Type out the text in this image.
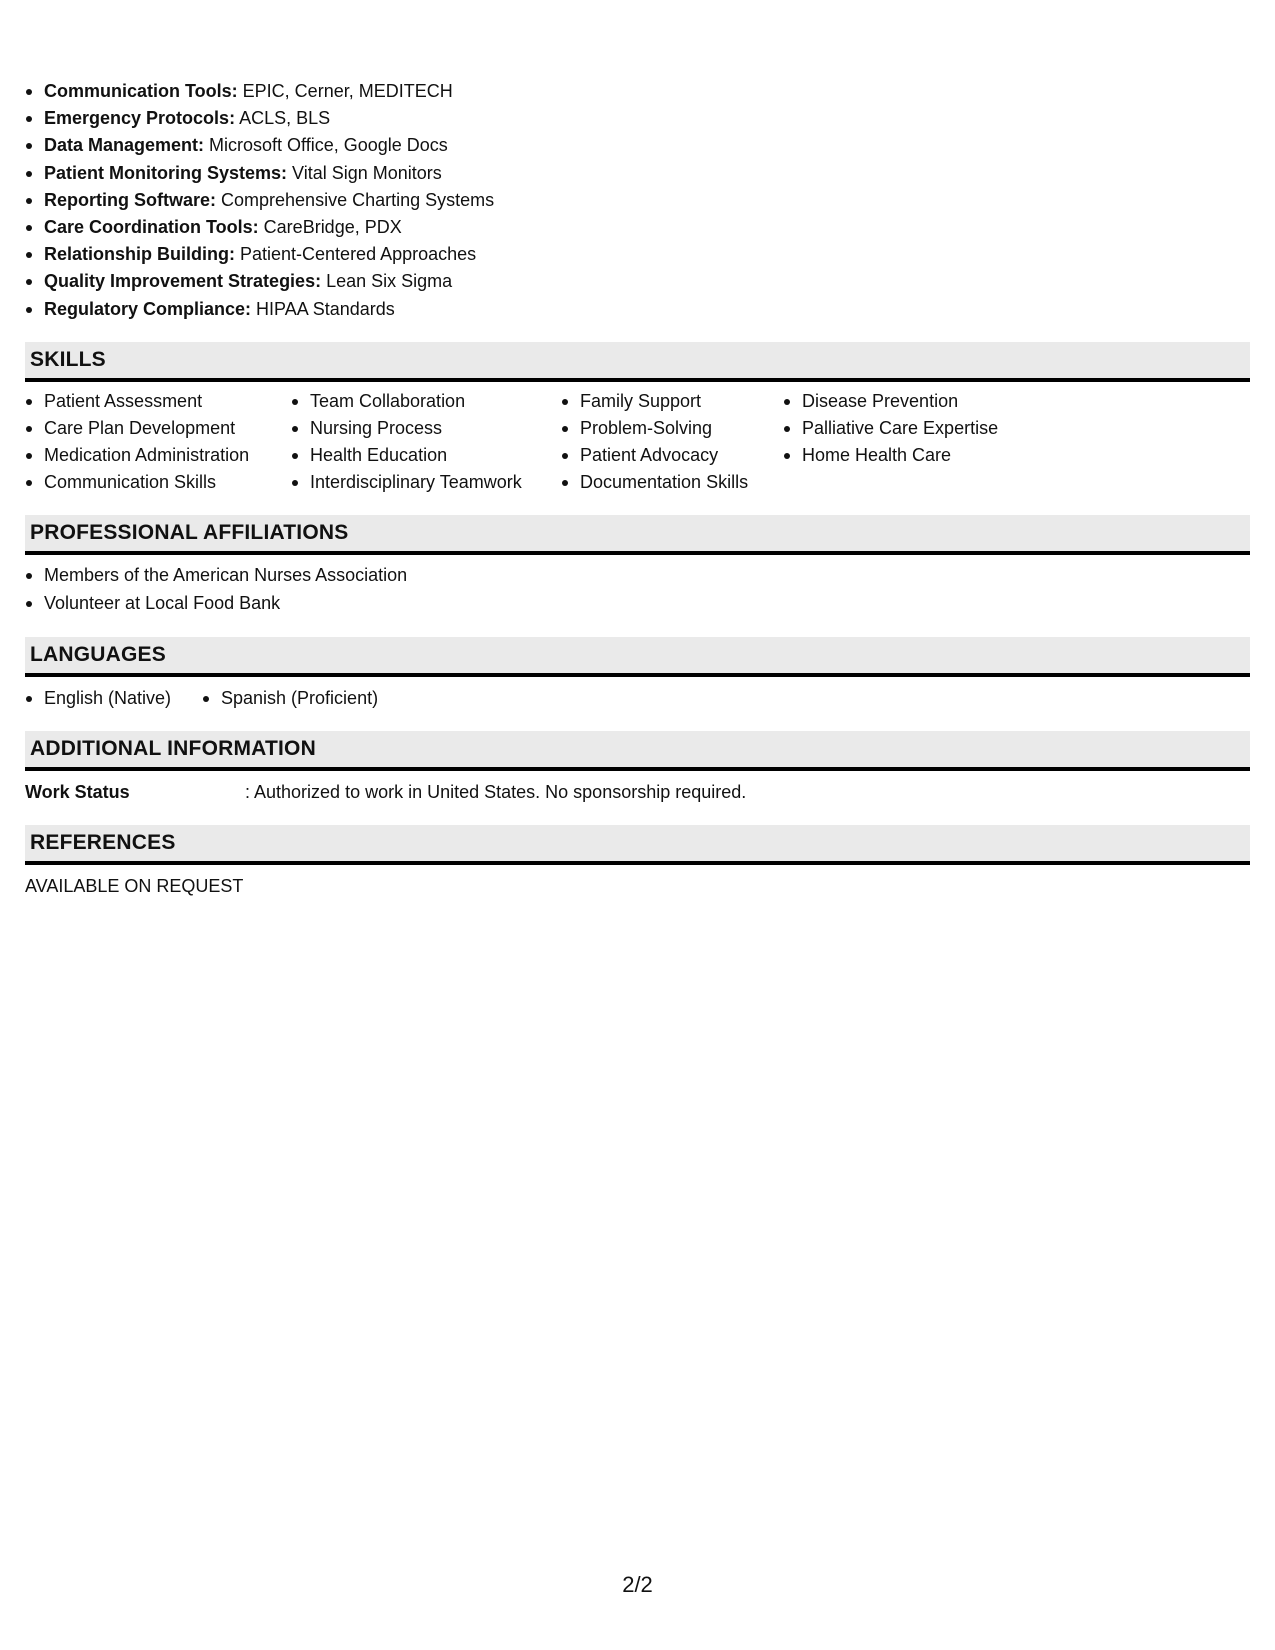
Communication Tools: EPIC, Cerner, MEDITECH
Emergency Protocols: ACLS, BLS
Data Management: Microsoft Office, Google Docs
Patient Monitoring Systems: Vital Sign Monitors
Reporting Software: Comprehensive Charting Systems
Care Coordination Tools: CareBridge, PDX
Relationship Building: Patient-Centered Approaches
Quality Improvement Strategies: Lean Six Sigma
Regulatory Compliance: HIPAA Standards
SKILLS
Patient Assessment
Care Plan Development
Medication Administration
Communication Skills
Team Collaboration
Nursing Process
Health Education
Interdisciplinary Teamwork
Family Support
Problem-Solving
Patient Advocacy
Documentation Skills
Disease Prevention
Palliative Care Expertise
Home Health Care
PROFESSIONAL AFFILIATIONS
Members of the American Nurses Association
Volunteer at Local Food Bank
LANGUAGES
English (Native)	Spanish (Proficient)
ADDITIONAL INFORMATION
Work Status	: Authorized to work in United States. No sponsorship required.
REFERENCES
AVAILABLE ON REQUEST
2/2
